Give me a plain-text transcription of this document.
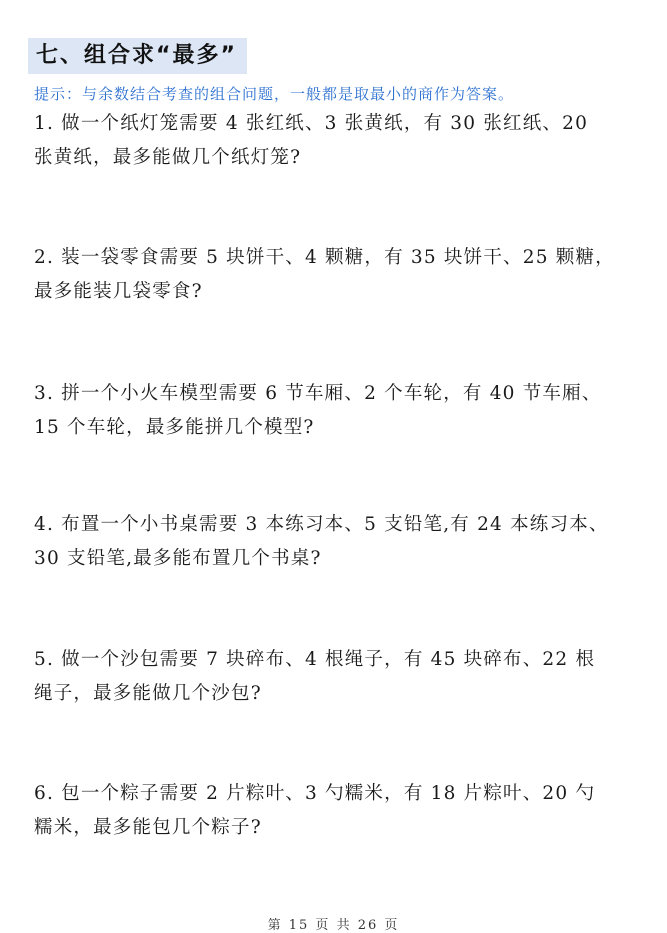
七、组合求“最多”
提示：与余数结合考查的组合问题，一般都是取最小的商作为答案。
1. 做一个纸灯笼需要 4 张红纸、3 张黄纸，有 30 张红纸、20
张黄纸，最多能做几个纸灯笼?
2. 装一袋零食需要 5 块饼干、4 颗糖，有 35 块饼干、25 颗糖，
最多能装几袋零食?
3. 拼一个小火车模型需要 6 节车厢、2 个车轮，有 40 节车厢、
15 个车轮，最多能拼几个模型?
4. 布置一个小书桌需要 3 本练习本、5 支铅笔,有 24 本练习本、
30 支铅笔,最多能布置几个书桌?
5. 做一个沙包需要 7 块碎布、4 根绳子，有 45 块碎布、22 根
绳子，最多能做几个沙包?
6. 包一个粽子需要 2 片粽叶、3 勺糯米，有 18 片粽叶、20 勺
糯米，最多能包几个粽子?
第 15 页 共 26 页
